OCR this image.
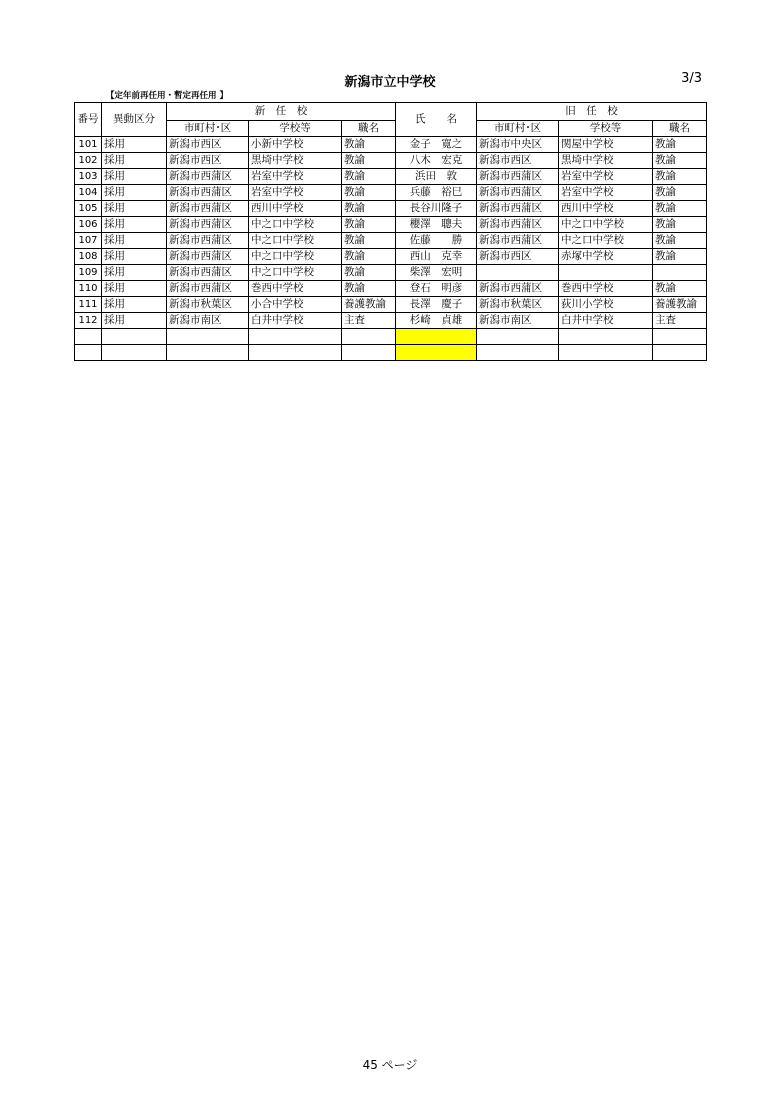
新潟市立中学校	3/3
【定年前再任用・暫定再任用 】
番号	異動区分	新　任　校			氏　　名	旧　任　校		
		市町村･区	学校等	職名		市町村･区	学校等	職名
101	採用	新潟市西区	小新中学校	教諭	金子　寛之	新潟市中央区	関屋中学校	教諭
102	採用	新潟市西区	黒埼中学校	教諭	八木　宏克	新潟市西区	黒埼中学校	教諭
103	採用	新潟市西蒲区	岩室中学校	教諭	浜田　敦	新潟市西蒲区	岩室中学校	教諭
104	採用	新潟市西蒲区	岩室中学校	教諭	兵藤　裕巳	新潟市西蒲区	岩室中学校	教諭
105	採用	新潟市西蒲区	西川中学校	教諭	長谷川隆子	新潟市西蒲区	西川中学校	教諭
106	採用	新潟市西蒲区	中之口中学校	教諭	櫻澤　聰夫	新潟市西蒲区	中之口中学校	教諭
107	採用	新潟市西蒲区	中之口中学校	教諭	佐藤　　勝	新潟市西蒲区	中之口中学校	教諭
108	採用	新潟市西蒲区	中之口中学校	教諭	西山　克幸	新潟市西区	赤塚中学校	教諭
109	採用	新潟市西蒲区	中之口中学校	教諭	柴澤　宏明			
110	採用	新潟市西蒲区	巻西中学校	教諭	登石　明彦	新潟市西蒲区	巻西中学校	教諭
111	採用	新潟市秋葉区	小合中学校	養護教諭	長澤　慶子	新潟市秋葉区	荻川小学校	養護教諭
112	採用	新潟市南区	白井中学校	主査	杉崎　貞雄	新潟市南区	白井中学校	主査

45 ページ
